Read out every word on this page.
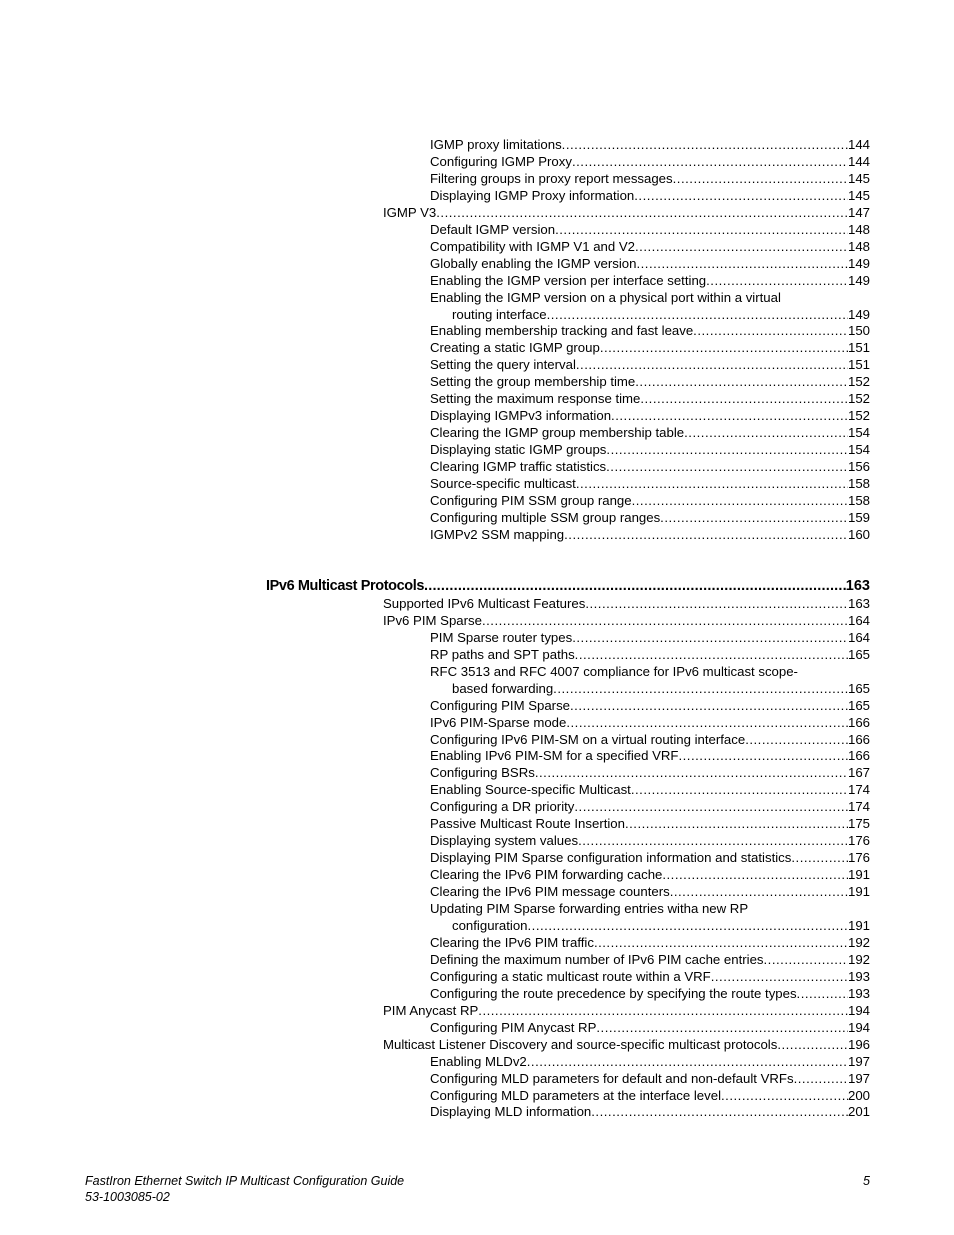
IGMP proxy limitations .....	144
Configuring IGMP Proxy .....	144
Filtering groups in proxy report messages .....	145
Displaying IGMP Proxy information .....	145
IGMP V3 .....	147
Default IGMP version .....	148
Compatibility with IGMP V1 and V2 .....	148
Globally enabling the IGMP version .....	149
Enabling the IGMP version per interface setting .....	149
Enabling the IGMP version on a physical port within a virtual
routing interface .....	149
Enabling membership tracking and fast leave .....	150
Creating a static IGMP group .....	151
Setting the query interval .....	151
Setting the group membership time .....	152
Setting the maximum response time .....	152
Displaying IGMPv3 information .....	152
Clearing the IGMP group membership table .....	154
Displaying static IGMP groups .....	154
Clearing IGMP traffic statistics .....	156
Source-specific multicast .....	158
Configuring PIM SSM group range .....	158
Configuring multiple SSM group ranges .....	159
IGMPv2 SSM mapping .....	160
IPv6 Multicast Protocols .....	163
Supported IPv6 Multicast Features .....	163
IPv6 PIM Sparse .....	164
PIM Sparse router types .....	164
RP paths and SPT paths .....	165
RFC 3513 and RFC 4007 compliance for IPv6 multicast scope-
based forwarding .....	165
Configuring PIM Sparse .....	165
IPv6 PIM-Sparse mode .....	166
Configuring IPv6 PIM-SM on a virtual routing interface .....	166
Enabling IPv6 PIM-SM for a specified VRF .....	166
Configuring BSRs .....	167
Enabling Source-specific Multicast .....	174
Configuring a DR priority .....	174
Passive Multicast Route Insertion .....	175
Displaying system values .....	176
Displaying PIM Sparse configuration information and statistics .....	176
Clearing the IPv6 PIM forwarding cache .....	191
Clearing the IPv6 PIM message counters .....	191
Updating PIM Sparse forwarding entries witha new RP
configuration .....	191
Clearing the IPv6 PIM traffic .....	192
Defining the maximum number of IPv6 PIM cache entries .....	192
Configuring a static multicast route within a VRF .....	193
Configuring the route precedence by specifying the route types .....	193
PIM Anycast RP .....	194
Configuring PIM Anycast RP .....	194
Multicast Listener Discovery and source-specific multicast protocols .....	196
Enabling MLDv2 .....	197
Configuring MLD parameters for default and non-default VRFs .....	197
Configuring MLD parameters at the interface level .....	200
Displaying MLD information .....	201
FastIron Ethernet Switch IP Multicast Configuration Guide
53-1003085-02
5
